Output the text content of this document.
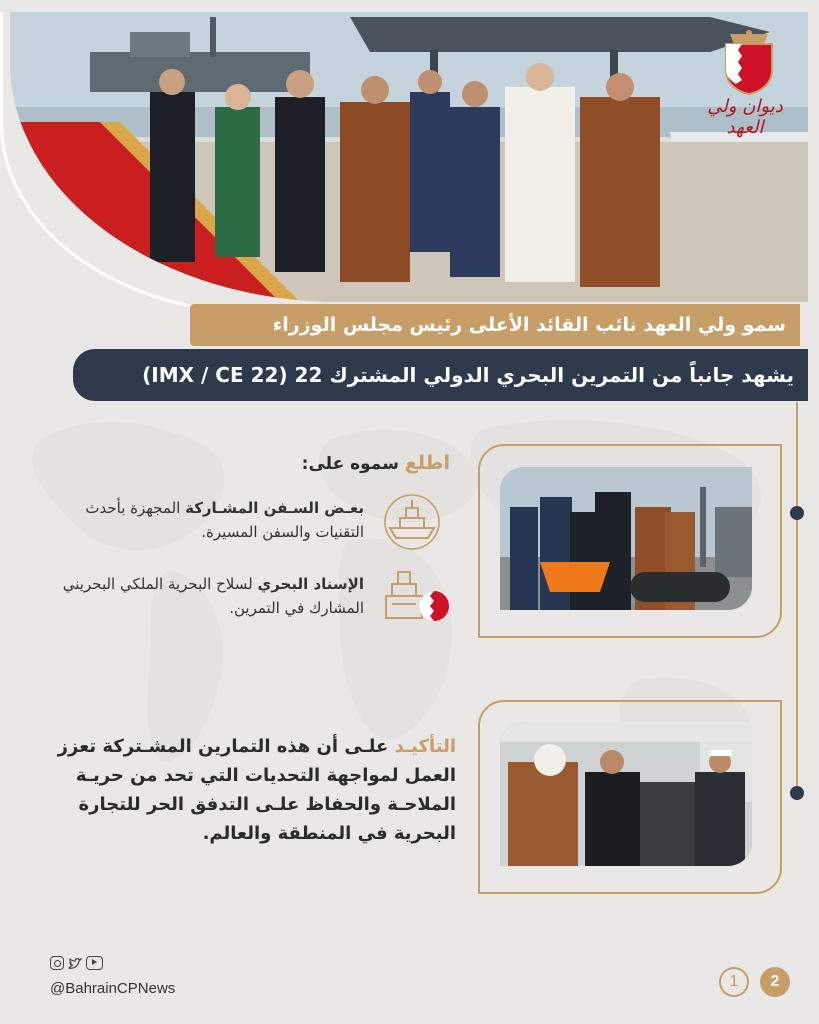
ديوان ولي العهد
سمو ولي العهد نائب القائد الأعلى رئيس مجلس الوزراء
يشهد جانباً من التمرين البحري الدولي المشترك 22 (IMX / CE 22)
اطلع سموه على:
بعـض السـفن المشـاركة المجهزة بأحدث التقنيات والسفن المسيرة.
الإسناد البحري لسلاح البحرية الملكي البحريني المشارك في التمرين.
التأكيـد علـى أن هذه التمارين المشـتركة تعزز العمل لمواجهة التحديات التي تحد من حريـة الملاحـة والحفاظ علـى التدفق الحر للتجارة البحرية في المنطقة والعالم.
@BahrainCPNews	1	2
